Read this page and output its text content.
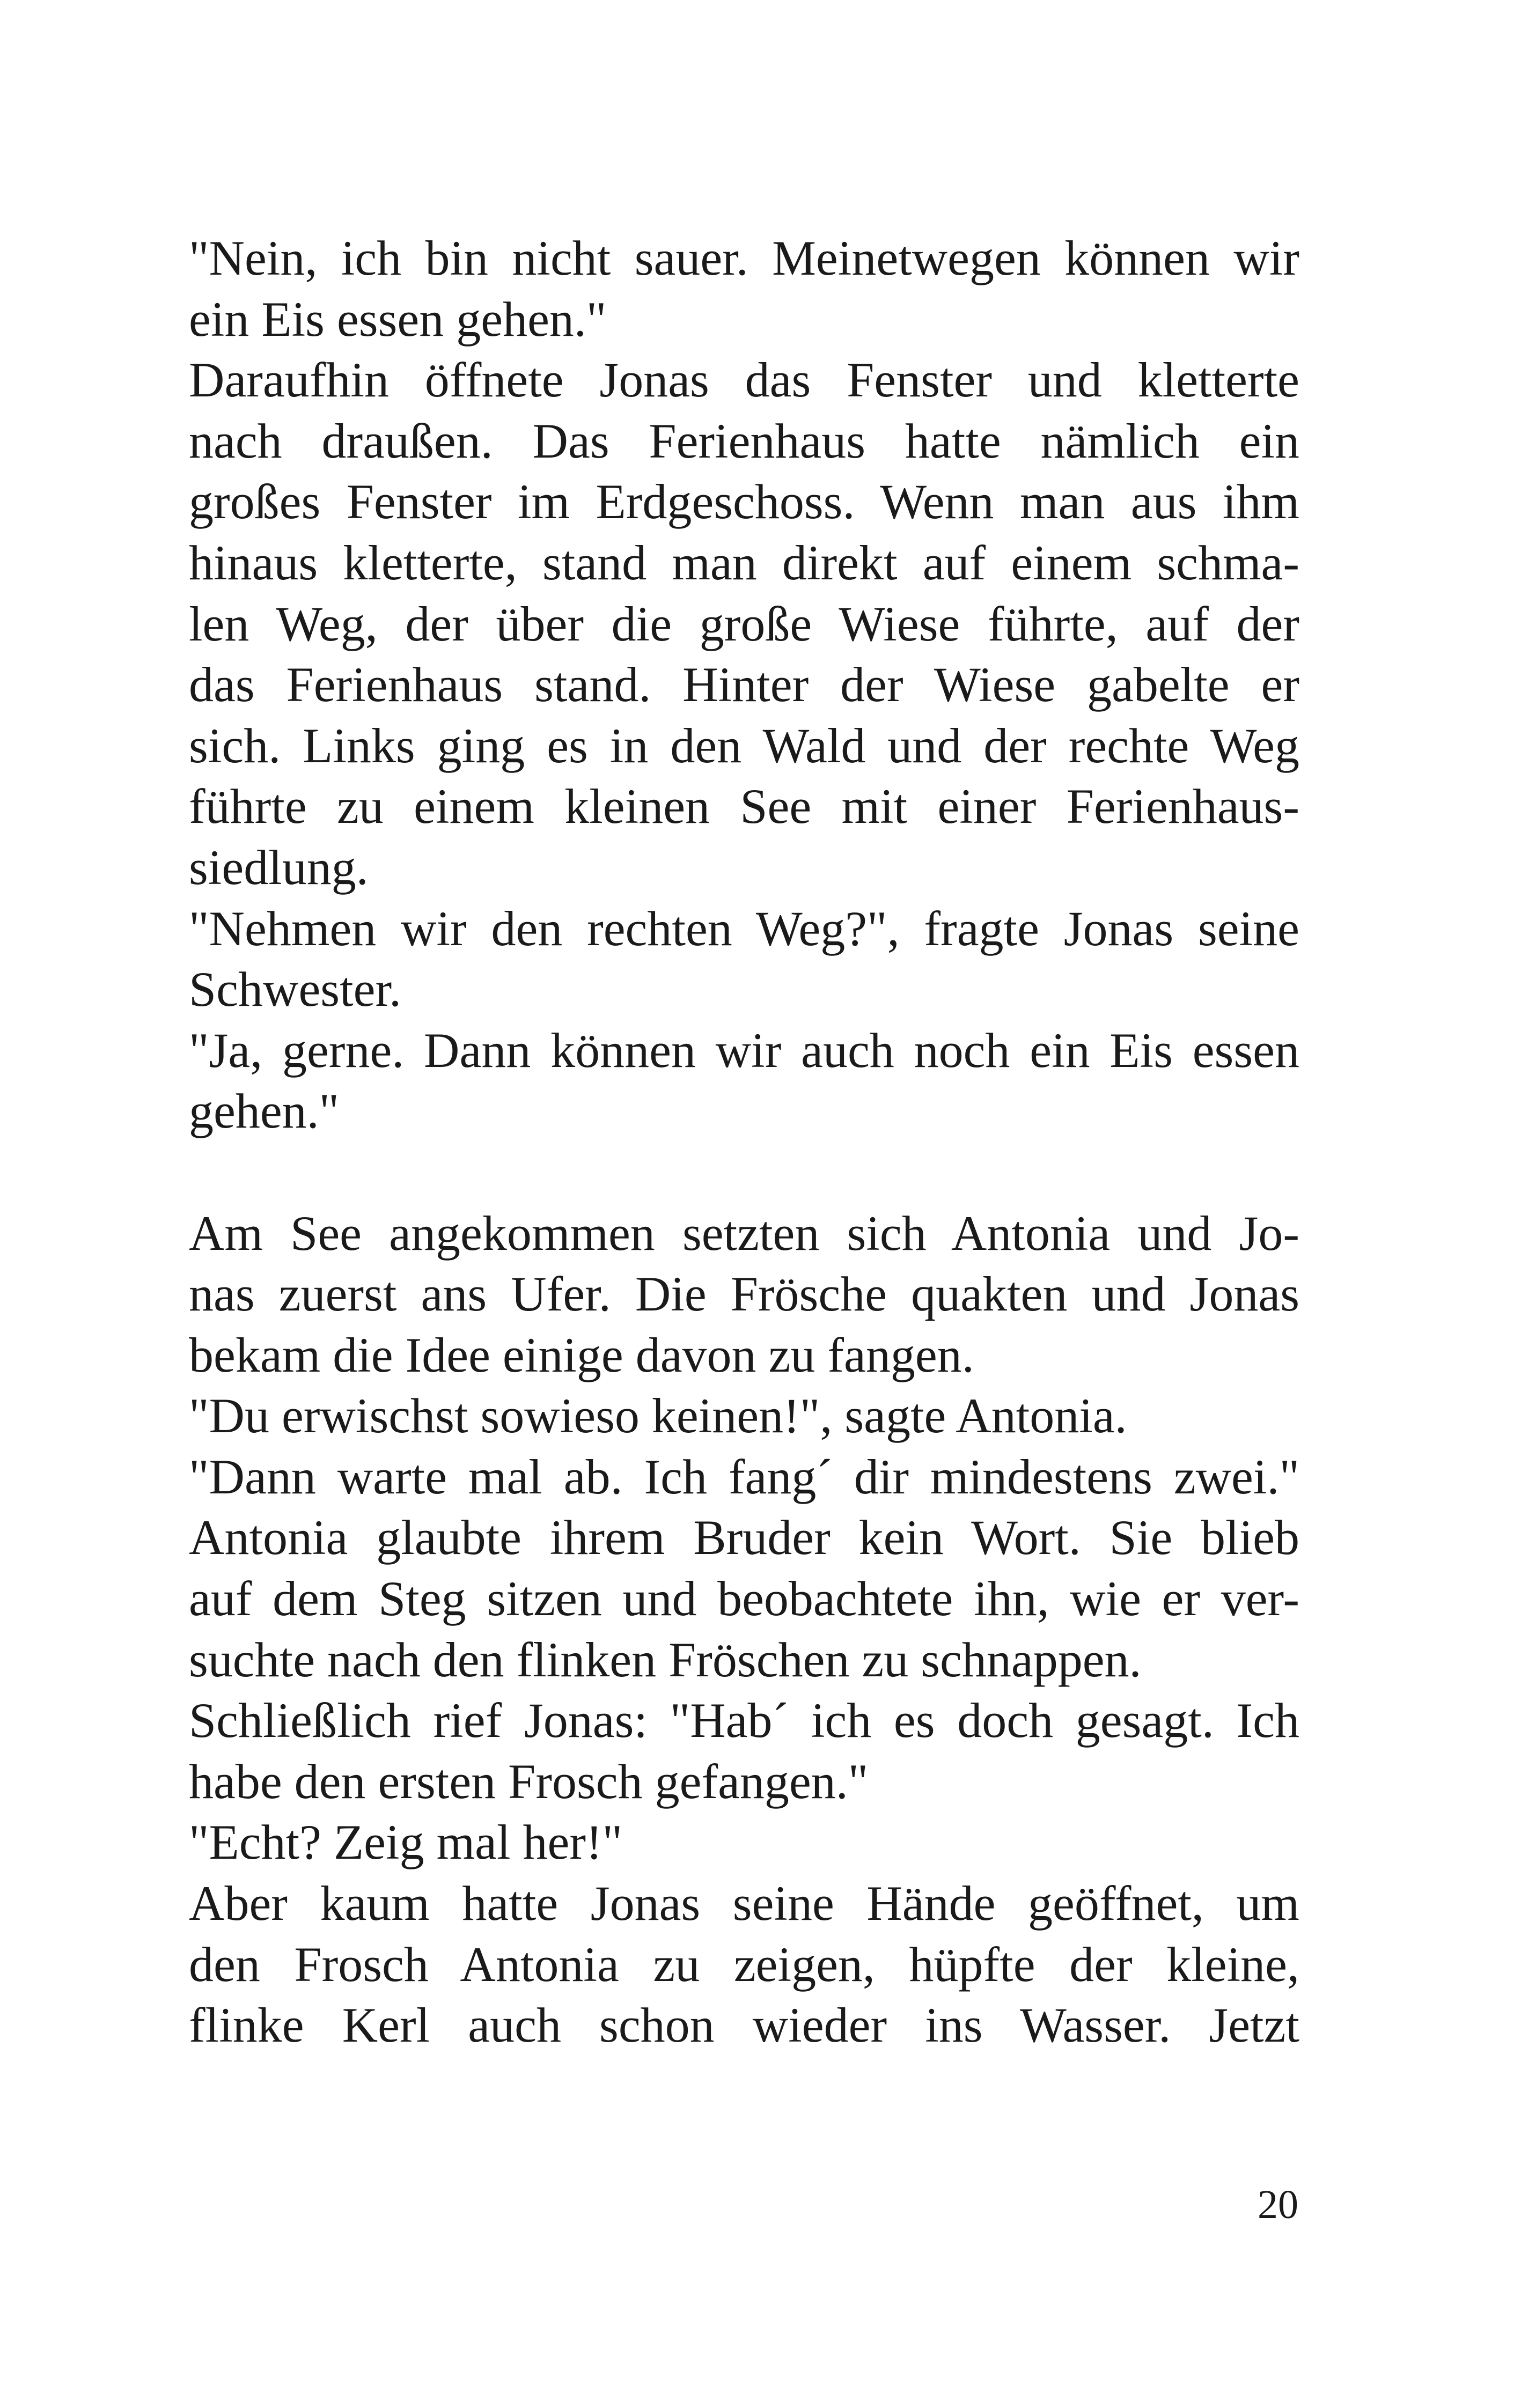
"Nein, ich bin nicht sauer. Meinetwegen können wir
ein Eis essen gehen."
Daraufhin öffnete Jonas das Fenster und kletterte
nach draußen. Das Ferienhaus hatte nämlich ein
großes Fenster im Erdgeschoss. Wenn man aus ihm
hinaus kletterte, stand man direkt auf einem schma-
len Weg, der über die große Wiese führte, auf der
das Ferienhaus stand. Hinter der Wiese gabelte er
sich. Links ging es in den Wald und der rechte Weg
führte zu einem kleinen See mit einer Ferienhaus-
siedlung.
"Nehmen wir den rechten Weg?", fragte Jonas seine
Schwester.
"Ja, gerne. Dann können wir auch noch ein Eis essen
gehen."
Am See angekommen setzten sich Antonia und Jo-
nas zuerst ans Ufer. Die Frösche quakten und Jonas
bekam die Idee einige davon zu fangen.
"Du erwischst sowieso keinen!", sagte Antonia.
"Dann warte mal ab. Ich fang´ dir mindestens zwei."
Antonia glaubte ihrem Bruder kein Wort. Sie blieb
auf dem Steg sitzen und beobachtete ihn, wie er ver-
suchte nach den flinken Fröschen zu schnappen.
Schließlich rief Jonas: "Hab´ ich es doch gesagt. Ich
habe den ersten Frosch gefangen."
"Echt? Zeig mal her!"
Aber kaum hatte Jonas seine Hände geöffnet, um
den Frosch Antonia zu zeigen, hüpfte der kleine,
flinke Kerl auch schon wieder ins Wasser. Jetzt
20
